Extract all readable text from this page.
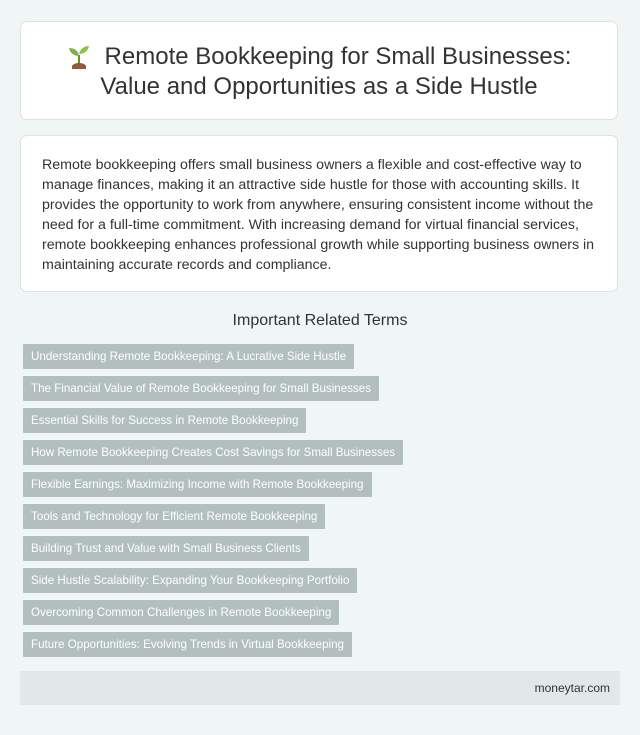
Remote Bookkeeping for Small Businesses:
Value and Opportunities as a Side Hustle
Remote bookkeeping offers small business owners a flexible and cost-effective way to manage finances, making it an attractive side hustle for those with accounting skills. It provides the opportunity to work from anywhere, ensuring consistent income without the need for a full-time commitment. With increasing demand for virtual financial services, remote bookkeeping enhances professional growth while supporting business owners in maintaining accurate records and compliance.
Important Related Terms
Understanding Remote Bookkeeping: A Lucrative Side Hustle
The Financial Value of Remote Bookkeeping for Small Businesses
Essential Skills for Success in Remote Bookkeeping
How Remote Bookkeeping Creates Cost Savings for Small Businesses
Flexible Earnings: Maximizing Income with Remote Bookkeeping
Tools and Technology for Efficient Remote Bookkeeping
Building Trust and Value with Small Business Clients
Side Hustle Scalability: Expanding Your Bookkeeping Portfolio
Overcoming Common Challenges in Remote Bookkeeping
Future Opportunities: Evolving Trends in Virtual Bookkeeping
moneytar.com
